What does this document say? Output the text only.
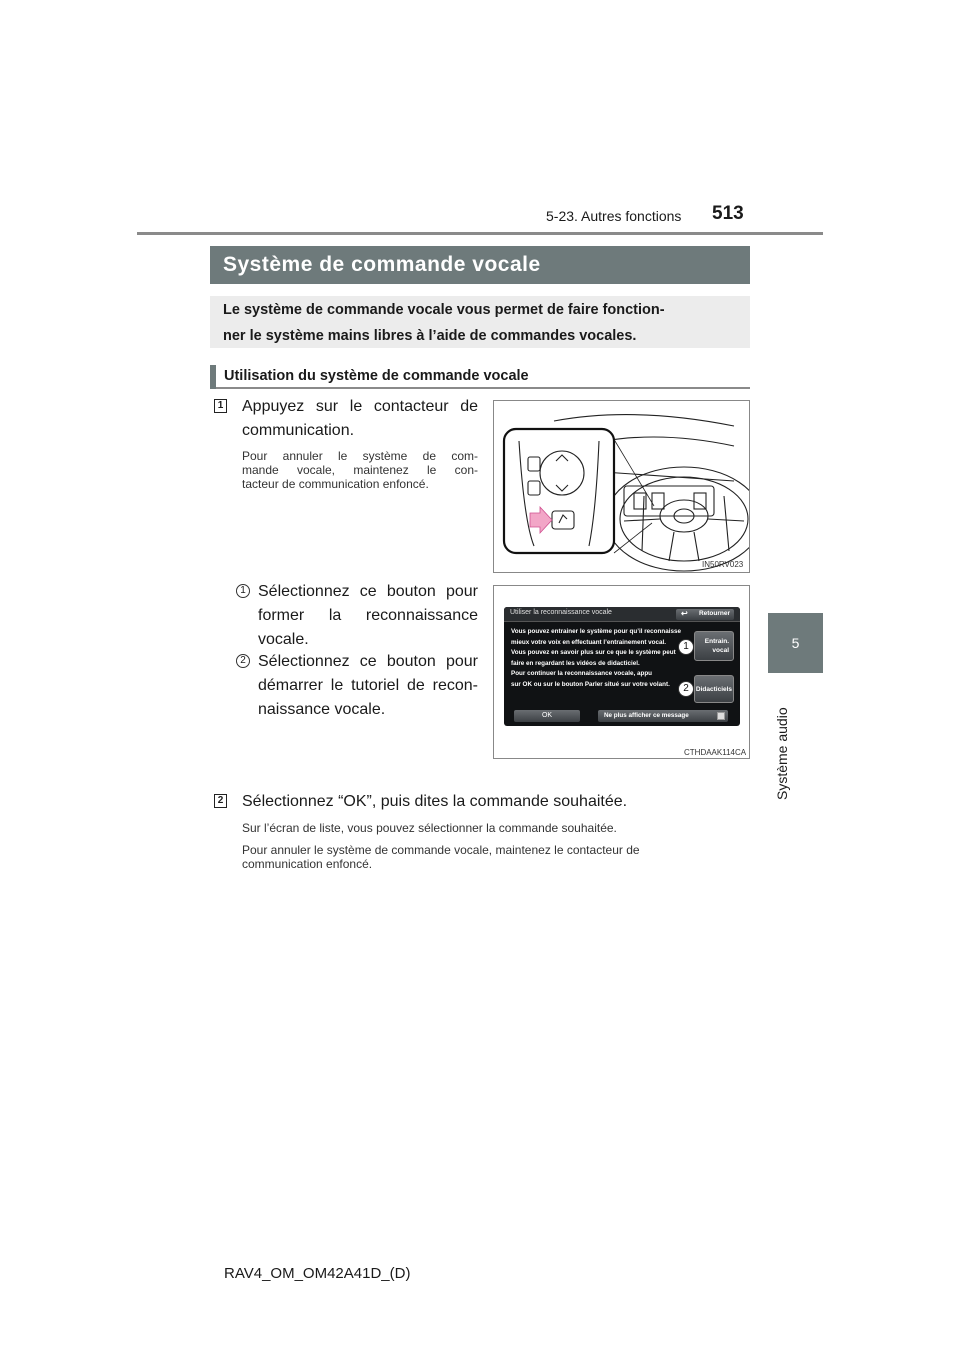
5-23. Autres fonctions 513
5
Système audio
Système de commande vocale
Le système de commande vocale vous permet de faire fonction-
ner le système mains libres à l’aide de commandes vocales.
Utilisation du système de commande vocale
1 Appuyez sur le contacteur de
communication.
Pour annuler le système de com-
mande vocale, maintenez le con-
tacteur de communication enfoncé.
IN50RV023
1 Sélectionnez ce bouton pour
former la reconnaissance
vocale.
2 Sélectionnez ce bouton pour
démarrer le tutoriel de recon-
naissance vocale.
Utiliser la reconnaissance vocale	↩ Retourner
Vous pouvez entrainer le système pour qu’il reconnaisse
mieux votre voix en effectuant l’entrainement vocal.
Vous pouvez en savoir plus sur ce que le système peut
faire en regardant les vidéos de didacticiel.
Pour continuer la reconnaissance vocale, appu
sur OK ou sur le bouton Parler situé sur votre volant.
Entrain.
vocal
Didacticiels
1
2
OK	Ne plus afficher ce message
CTHDAAK114CA
2 Sélectionnez “OK”, puis dites la commande souhaitée.
Sur l’écran de liste, vous pouvez sélectionner la commande souhaitée.
Pour annuler le système de commande vocale, maintenez le contacteur de
communication enfoncé.
RAV4_OM_OM42A41D_(D)
